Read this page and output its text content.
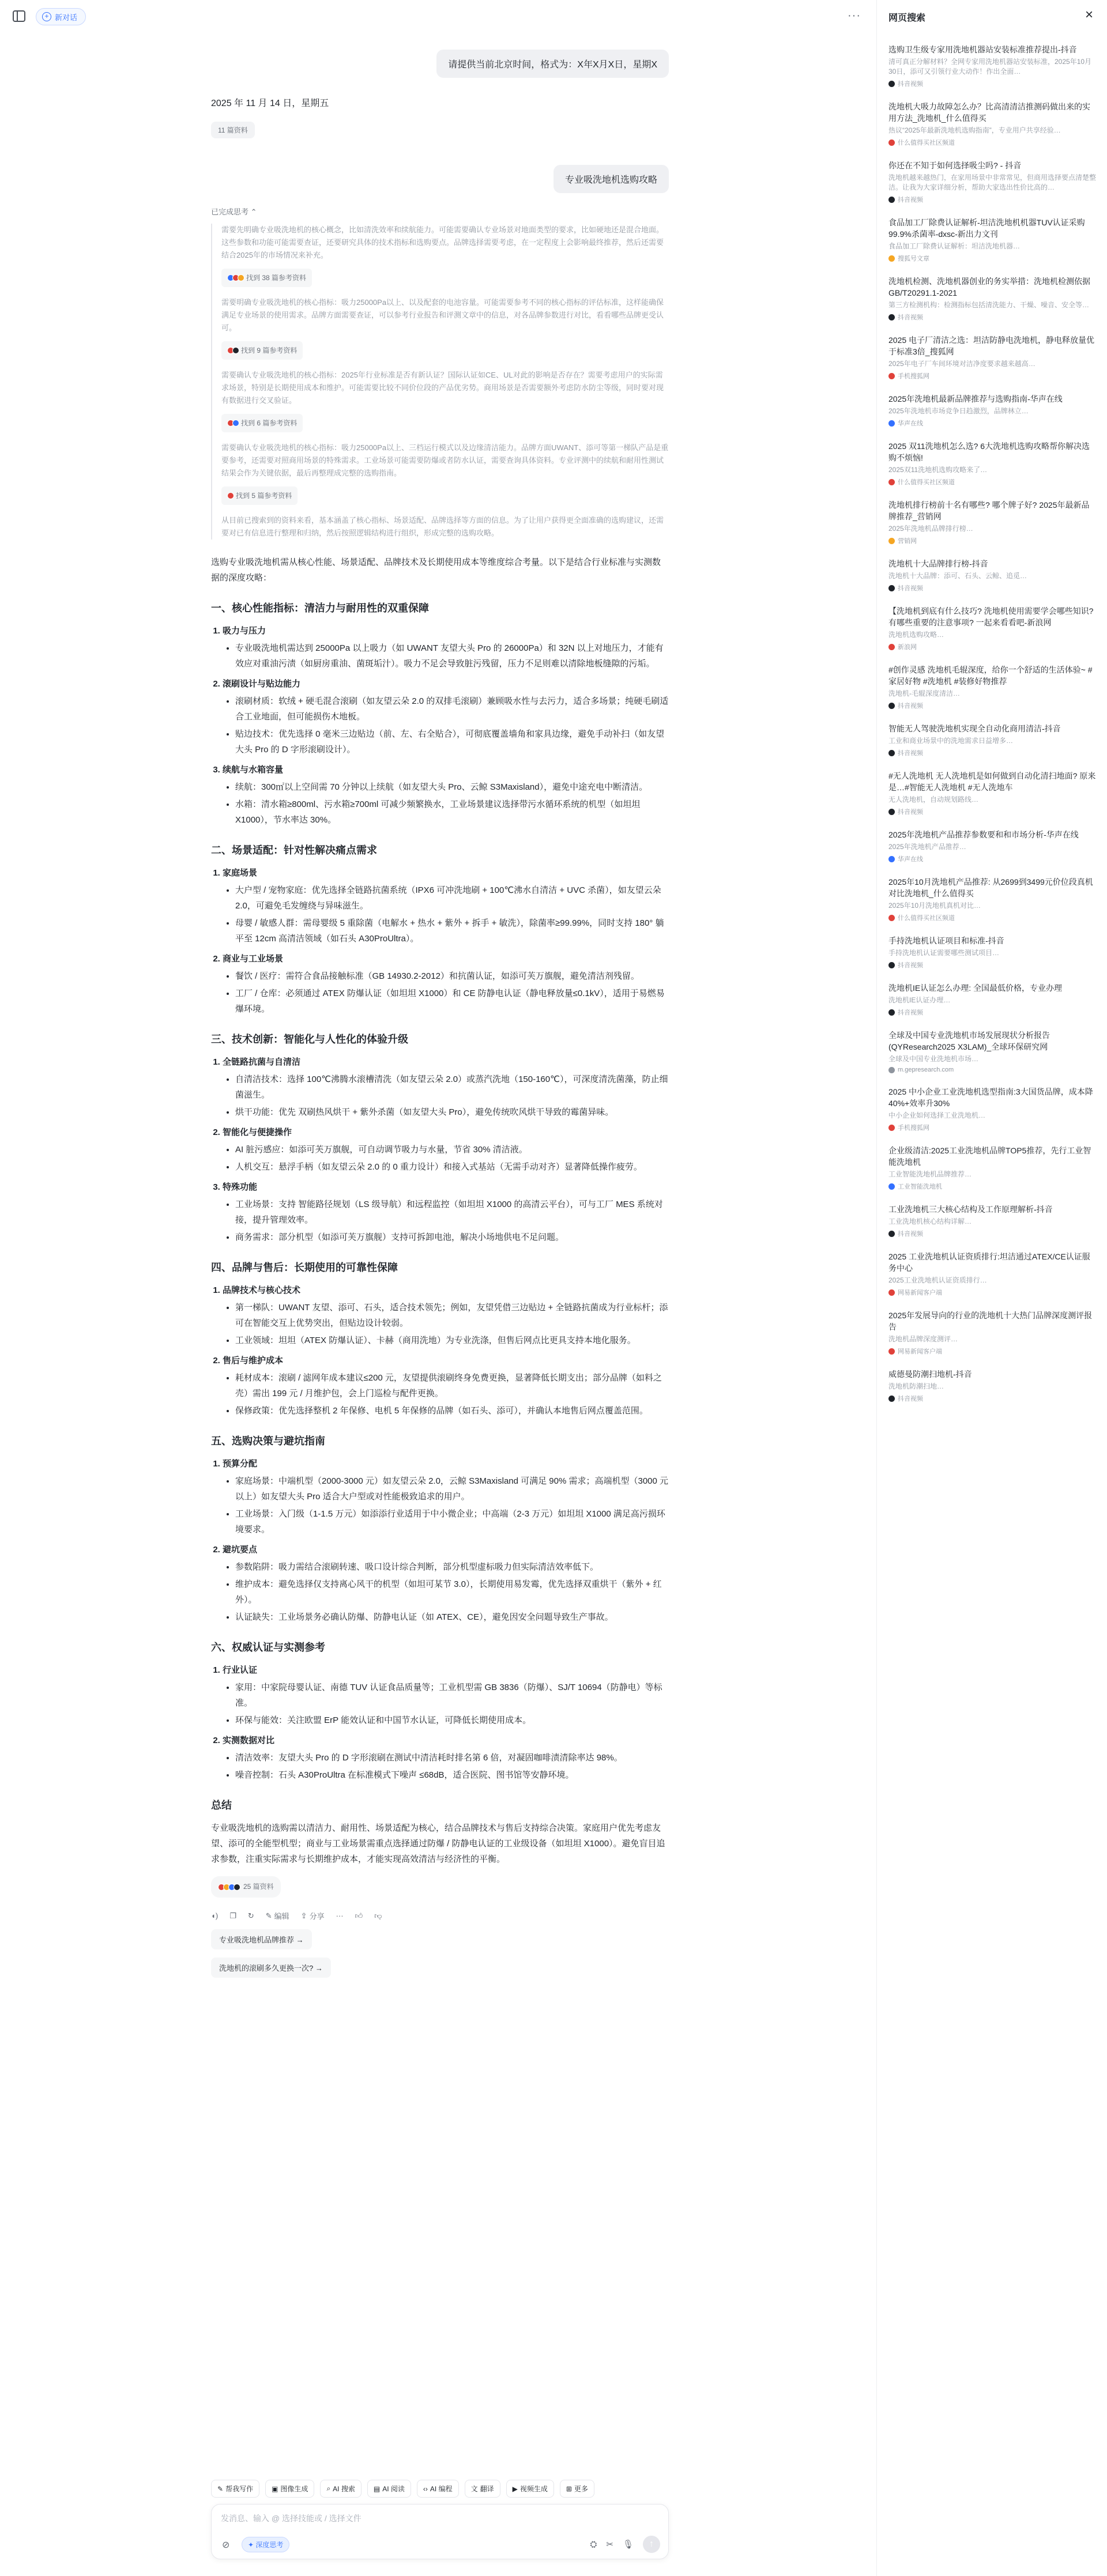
+ 新对话	···
请提供当前北京时间，格式为：X年X月X日，星期X
2025 年 11 月 14 日，星期五
11 篇资料
专业吸洗地机选购攻略
已完成思考 ⌃

需要先明确专业吸洗地机的核心概念，比如清洗效率和续航能力。可能需要确认专业场景对地面类型的要求，比如硬地还是混合地面。这些参数和功能可能需要查证，还要研究具体的技术指标和选购要点。品牌选择需要考虑，在一定程度上会影响最终推荐，然后还需要结合2025年的市场情况来补充。

找到 38 篇参考资料

需要明确专业吸洗地机的核心指标：吸力25000Pa以上、以及配套的电池容量。可能需要参考不同的核心指标的评估标准，这样能确保满足专业场景的使用需求。品牌方面需要查证，可以参考行业报告和评测文章中的信息，对各品牌参数进行对比，看看哪些品牌更受认可。

找到 9 篇参考资料

需要确认专业吸洗地机的核心指标：2025年行业标准是否有新认证？国际认证如CE、UL对此的影响是否存在？需要考虑用户的实际需求场景，特别是长期使用成本和维护。可能需要比较不同价位段的产品优劣势。商用场景是否需要额外考虑防水防尘等级，同时要对现有数据进行交叉验证。

找到 6 篇参考资料

需要确认专业吸洗地机的核心指标：吸力25000Pa以上、三档运行模式以及边缘清洁能力。品牌方面UWANT、添可等第一梯队产品是重要参考，还需要对照商用场景的特殊需求。工业场景可能需要防爆或者防水认证，需要查询具体资料。专业评测中的续航和耐用性测试结果会作为关键依据，最后再整理成完整的选购指南。

找到 5 篇参考资料

从目前已搜索到的资料来看，基本涵盖了核心指标、场景适配、品牌选择等方面的信息。为了让用户获得更全面准确的选购建议，还需要对已有信息进行整理和归纳，然后按照逻辑结构进行组织，形成完整的选购攻略。

选购专业吸洗地机需从核心性能、场景适配、品牌技术及长期使用成本等维度综合考量。以下是结合行业标准与实测数据的深度攻略：
一、核心性能指标：清洁力与耐用性的双重保障
1. 吸力与压力
• 专业吸洗地机需达到 25000Pa 以上吸力（如 UWANT 友望大头 Pro 的 26000Pa）和 32N 以上对地压力，才能有效应对重油污渍（如厨房重油、菌斑垢汁）。吸力不足会导致脏污残留，压力不足则难以清除地板缝隙的污垢。
2. 滚刷设计与贴边能力
• 滚刷材质：软绒 + 硬毛混合滚刷（如友望云朵 2.0 的双排毛滚刷）兼顾吸水性与去污力，适合多场景；纯硬毛刷适合工业地面，但可能损伤木地板。
• 贴边技术：优先选择 0 毫米三边贴边（前、左、右全贴合），可彻底覆盖墙角和家具边缘，避免手动补扫（如友望大头 Pro 的 D 字形滚刷设计）。
3. 续航与水箱容量
• 续航：300㎡以上空间需 70 分钟以上续航（如友望大头 Pro、云鲸 S3Maxisland），避免中途充电中断清洁。
• 水箱：清水箱≥800ml、污水箱≥700ml 可减少频繁换水，工业场景建议选择带污水循环系统的机型（如坦坦 X1000），节水率达 30%。
二、场景适配：针对性解决痛点需求
1. 家庭场景
• 大户型 / 宠物家庭：优先选择全链路抗菌系统（IPX6 可冲洗地刷 + 100℃沸水自清洁 + UVC 杀菌），如友望云朵 2.0，可避免毛发缠绕与异味滋生。
• 母婴 / 敏感人群：需母婴级 5 重除菌（电解水 + 热水 + 紫外 + 拆手 + 敏洗），除菌率≥99.99%，同时支持 180° 躺平至 12cm 高清洁领域（如石头 A30ProUltra）。
2. 商业与工业场景
• 餐饮 / 医疗：需符合食品接触标准（GB 14930.2-2012）和抗菌认证，如添可芙万旗舰，避免清洁剂残留。
• 工厂 / 仓库：必须通过 ATEX 防爆认证（如坦坦 X1000）和 CE 防静电认证（静电释放量≤0.1kV），适用于易燃易爆环境。
三、技术创新：智能化与人性化的体验升级
1. 全链路抗菌与自清洁
• 自清洁技术：选择 100℃沸腾水滚槽清洗（如友望云朵 2.0）或蒸汽洗地（150-160℃），可深度清洗菌藻，防止细菌滋生。
• 烘干功能：优先 双刷热风烘干 + 紫外杀菌（如友望大头 Pro），避免传统吹风烘干导致的霉菌异味。
2. 智能化与便捷操作
• AI 脏污感应：如添可芙万旗舰，可自动调节吸力与水量，节省 30% 清洁液。
• 人机交互：悬浮手柄（如友望云朵 2.0 的 0 重力设计）和接入式基站（无需手动对齐）显著降低操作疲劳。
3. 特殊功能
• 工业场景：支持 智能路径规划（LS 级导航）和远程监控（如坦坦 X1000 的高清云平台），可与工厂 MES 系统对接，提升管理效率。
• 商务需求：部分机型（如添可芙万旗舰）支持可拆卸电池，解决小场地供电不足问题。
四、品牌与售后：长期使用的可靠性保障
1. 品牌技术与核心技术
• 第一梯队：UWANT 友望、添可、石头，适合技术领先；例如，友望凭借三边贴边 + 全链路抗菌成为行业标杆；添可在智能交互上优势突出，但贴边设计较弱。
• 工业领域：坦坦（ATEX 防爆认证）、卡赫（商用洗地）为专业洗涤，但售后网点比更具支持本地化服务。
2. 售后与维护成本
• 耗材成本：滚刷 / 滤网年成本建议≤200 元，友望提供滚刷终身免费更换，显著降低长期支出；部分品牌（如料之壳）需出 199 元 / 月维护包，会上门巡检与配件更换。
• 保修政策：优先选择整机 2 年保修、电机 5 年保修的品牌（如石头、添可），并确认本地售后网点覆盖范围。
五、选购决策与避坑指南
1. 预算分配
• 家庭场景：中端机型（2000-3000 元）如友望云朵 2.0，云鲸 S3Maxisland 可满足 90% 需求；高端机型（3000 元以上）如友望大头 Pro 适合大户型或对性能极致追求的用户。
• 工业场景：入门级（1-1.5 万元）如添添行业适用于中小微企业；中高端（2-3 万元）如坦坦 X1000 满足高污损环境要求。
2. 避坑要点
• 参数陷阱：吸力需结合滚刷转速、吸口设计综合判断，部分机型虚标吸力但实际清洁效率低下。
• 维护成本：避免选择仅支持离心风干的机型（如坦可某节 3.0），长期使用易发霉，优先选择双重烘干（紫外 + 红外）。
• 认证缺失：工业场景务必确认防爆、防静电认证（如 ATEX、CE），避免因安全问题导致生产事故。
六、权威认证与实测参考
1. 行业认证
• 家用：中家院母婴认证、南德 TUV 认证食品质量等；工业机型需 GB 3836（防爆）、SJ/T 10694（防静电）等标准。
• 环保与能效：关注欧盟 ErP 能效认证和中国节水认证，可降低长期使用成本。
2. 实测数据对比
• 清洁效率：友望大头 Pro 的 D 字形滚刷在测试中清洁耗时排名第 6 倍，对凝固咖啡渍清除率达 98%。
• 噪音控制：石头 A30ProUltra 在标准模式下噪声 ≤68dB，适合医院、图书馆等安静环境。
总结
专业吸洗地机的选购需以清洁力、耐用性、场景适配为核心，结合品牌技术与售后支持综合决策。家庭用户优先考虑友望、添可的全能型机型；商业与工业场景需重点选择通过防爆 / 防静电认证的工业级设备（如坦坦 X1000）。避免盲目追求参数，注重实际需求与长期维护成本，才能实现高效清洁与经济性的平衡。
25 篇资料
◖) ❐ ↻ ✎ 编辑 ⇪ 分享 ··· 👍︎ 👎︎
专业吸洗地机品牌推荐 →
洗地机的滚刷多久更换一次? →
✎ 帮我写作	▣ 图像生成	⌕ AI 搜索	▤ AI 阅读	‹› AI 编程	文 翻译	▶ 视频生成	⊞ 更多
发消息、输入 @ 选择技能或 / 选择文件
⊘	✦ 深度思考	⛭ ✂ 🎙︎	↑
网页搜索	×
选购卫生级专家用洗地机器站安装标准推荐提出-抖音
清可真正分解材料？全网专家用洗地机器站安装标准，2025年10月30日，添可又引领行业大动作！作出全面…
抖音视频
洗地机大吸力故障怎么办？比高清清洁推测码做出来的实用方法_洗地机_什么值得买
热议“2025年最新洗地机选购指南”，专业用户共享经验…
什么值得买社区频道
你还在不知于如何选择吸尘吗? - 抖音
洗地机越来越热门，在家用场景中非常常见，但商用选择要点清楚整洁。让我为大家详细分析，帮助大家选出性价比高的…
抖音视频
食品加工厂除费认证解析-坦洁洗地机机器TUV认证采购99.9%杀菌率-dxsc-新出力文刊
食品加工厂除费认证解析：坦洁洗地机器…
搜狐号文章
洗地机检测、洗地机器创业的务实举措：洗地机检测依据GB/T20291.1-2021
第三方检测机构：检测指标包括清洗能力、干燥、噪音、安全等…
抖音视频
2025 电子厂清洁之选：坦洁防静电洗地机，静电释放量优于标准3倍_搜狐网
2025年电子厂车间环境对洁净度要求越来越高…
手机搜狐网
2025年洗地机最新品牌推荐与选购指南-华声在线
2025年洗地机市场竞争日趋激烈，品牌林立…
华声在线
2025 双11洗地机怎么选? 6大洗地机选购攻略帮你解决选购不烦恼!
2025双11洗地机选购攻略来了…
什么值得买社区频道
洗地机排行榜前十名有哪些? 哪个牌子好? 2025年最新品牌推荐_营销网
2025年洗地机品牌排行榜…
营销网
洗地机十大品牌排行榜-抖音
洗地机十大品牌：添可、石头、云鲸、追觅…
抖音视频
【洗地机到底有什么技巧? 洗地机使用需要学会哪些知识? 有哪些重要的注意事项? 一起来看看吧-新浪网
洗地机选购攻略…
新浪网
#创作灵感 洗地机毛辊深度，给你一个舒适的生活体验~ #家居好物 #洗地机 #装修好物推荐
洗地机-毛辊深度清洁…
抖音视频
智能无人驾驶洗地机实现全自动化商用清洁-抖音
工业和商业场景中的洗地需求日益增多…
抖音视频
#无人洗地机 无人洗地机是如何做到自动化清扫地面? 原来是…#智能无人洗地机 #无人洗地车
无人洗地机，自动规划路线…
抖音视频
2025年洗地机产品推荐参数要和和市场分析-华声在线
2025年洗地机产品推荐…
华声在线
2025年10月洗地机产品推荐: 从2699到3499元价位段真机对比洗地机_什么值得买
2025年10月洗地机真机对比…
什么值得买社区频道
手持洗地机认证项目和标准-抖音
手持洗地机认证需要哪些测试项目…
抖音视频
洗地机IE认证怎么办理: 全国最低价格，专业办理
洗地机IE认证办理…
抖音视频
全球及中国专业洗地机市场发展现状分析报告(QYResearch2025 X3LAM)_全球环保研究网
全球及中国专业洗地机市场…
m.gepresearch.com
2025 中小企业工业洗地机选型指南:3大国货品牌，成本降40%+效率升30%
中小企业如何选择工业洗地机…
手机搜狐网
企业级清洁:2025工业洗地机品牌TOP5推荐，先行工业智能洗地机
工业智能洗地机品牌推荐…
工业智能洗地机
工业洗地机三大核心结构及工作原理解析-抖音
工业洗地机核心结构详解…
抖音视频
2025 工业洗地机认证资质排行:坦洁通过ATEX/CE认证服务中心
2025工业洗地机认证资质排行…
网易新闻客户端
2025年发展导向的行业的洗地机十大热门品牌深度测评报告
洗地机品牌深度测评…
网易新闻客户端
威德曼防潮扫地机-抖音
洗地机防潮扫地…
抖音视频
